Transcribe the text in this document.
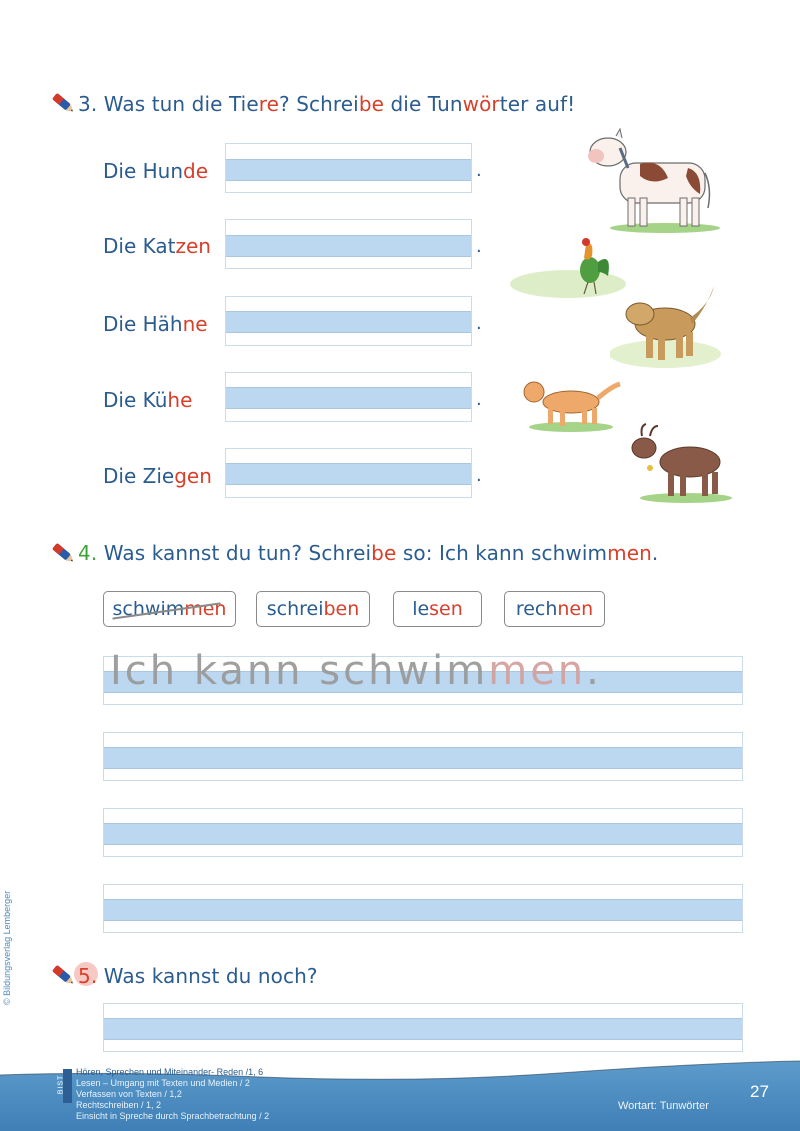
3. Was tun die Tiere? Schreibe die Tunwörter auf!
Die Hunde	.
Die Katzen	.
Die Hähne	.
Die Kühe	.
Die Ziegen	.
4. Was kannst du tun? Schreibe so: Ich kann schwimmen.
schwim men schrei ben	le sen	rech nen
Ich kann schwimmen.
5. Was kannst du noch?
© Bildungsverlag Lemberger
BIST
Hören, Sprechen und Miteinander- Reden /1, 6
Lesen – Umgang mit Texten und Medien / 2
Verfassen von Texten / 1,2
Rechtschreiben / 1, 2
Einsicht in Spreche durch Sprachbetrachtung / 2
Wortart: Tunwörter
27
